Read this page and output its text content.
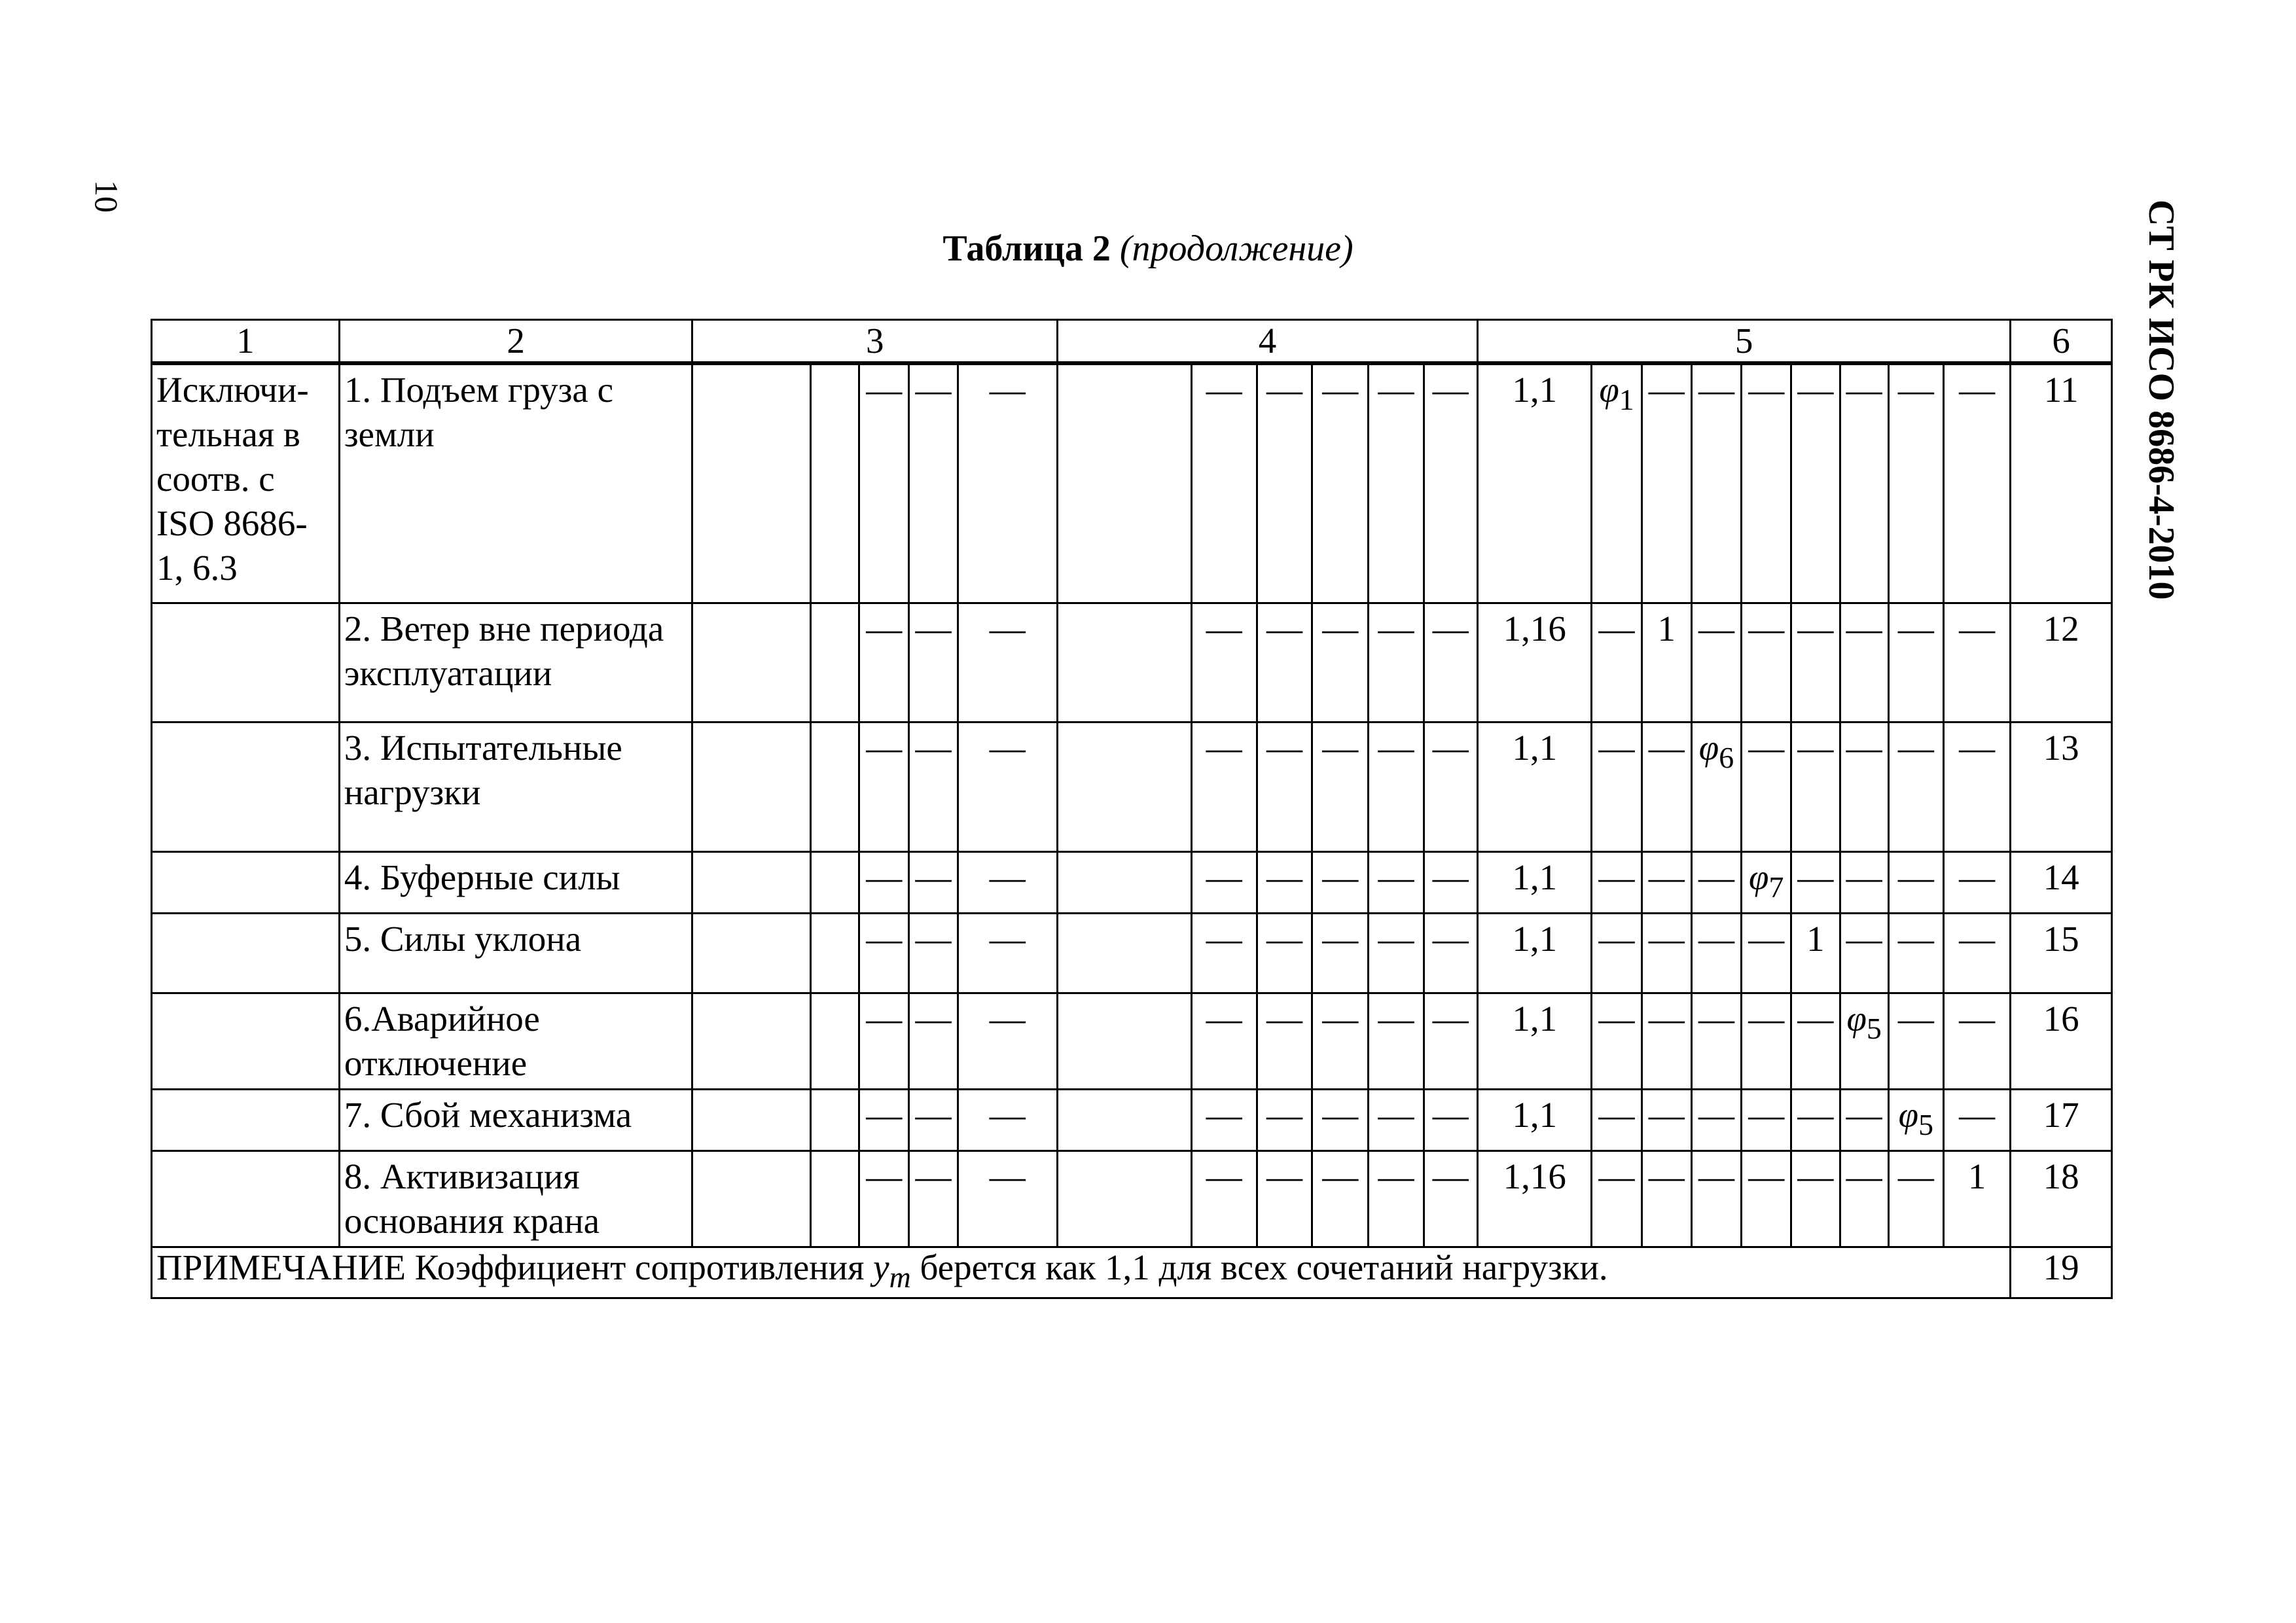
10
СТ РК ИСО 8686-4-2010
Таблица 2 (продолжение)
1	2	3					4						5									6
Исключи-тельная в соотв. с ISO 8686-1, 6.3	1. Подъем груза с земли			—	—	—		—	—	—	—	—	1,1	$\varphi_1$	—	—	—	—	—	—	—	11
	2. Ветер вне периода эксплуатации			—	—	—		—	—	—	—	—	1,16	—	1	—	—	—	—	—	—	12
	3. Испытательные нагрузки			—	—	—		—	—	—	—	—	1,1	—	—	$\varphi_6$	—	—	—	—	—	13
	4. Буферные силы			—	—	—		—	—	—	—	—	1,1	—	—	—	$\varphi_7$	—	—	—	—	14
	5. Силы уклона			—	—	—		—	—	—	—	—	1,1	—	—	—	—	1	—	—	—	15
	6.Аварийное отключение			—	—	—		—	—	—	—	—	1,1	—	—	—	—	—	$\varphi_5$	—	—	16
	7. Сбой механизма			—	—	—		—	—	—	—	—	1,1	—	—	—	—	—	—	$\varphi_5$	—	17
	8. Активизация основания крана			—	—	—		—	—	—	—	—	1,16	—	—	—	—	—	—	—	1	18
ПРИМЕЧАНИЕ Коэффициент сопротивления $y_m$ берется как 1,1 для всех сочетаний нагрузки.																						19
